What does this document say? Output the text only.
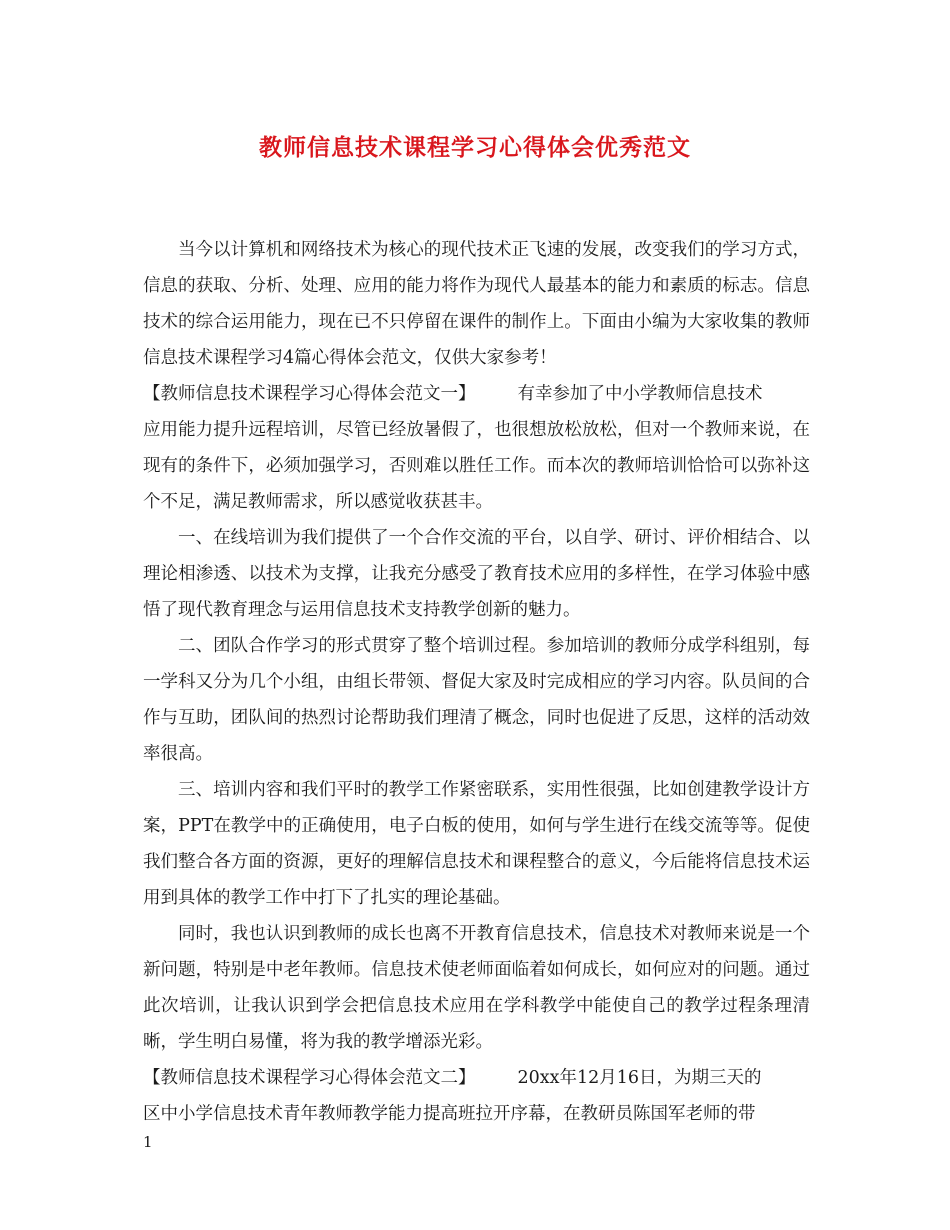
教师信息技术课程学习心得体会优秀范文

当今以计算机和网络技术为核心的现代技术正飞速的发展，改变我们的学习方式，信息的获取、分析、处理、应用的能力将作为现代人最基本的能力和素质的标志。信息技术的综合运用能力，现在已不只停留在课件的制作上。下面由小编为大家收集的教师信息技术课程学习4篇心得体会范文，仅供大家参考！

【教师信息技术课程学习心得体会范文一】 有幸参加了中小学教师信息技术

应用能力提升远程培训，尽管已经放暑假了，也很想放松放松，但对一个教师来说，在现有的条件下，必须加强学习，否则难以胜任工作。而本次的教师培训恰恰可以弥补这个不足，满足教师需求，所以感觉收获甚丰。

一、在线培训为我们提供了一个合作交流的平台，以自学、研讨、评价相结合、以理论相渗透、以技术为支撑，让我充分感受了教育技术应用的多样性，在学习体验中感悟了现代教育理念与运用信息技术支持教学创新的魅力。

二、团队合作学习的形式贯穿了整个培训过程。参加培训的教师分成学科组别，每一学科又分为几个小组，由组长带领、督促大家及时完成相应的学习内容。队员间的合作与互助，团队间的热烈讨论帮助我们理清了概念，同时也促进了反思，这样的活动效率很高。

三、培训内容和我们平时的教学工作紧密联系，实用性很强，比如创建教学设计方案，PPT在教学中的正确使用，电子白板的使用，如何与学生进行在线交流等等。促使我们整合各方面的资源，更好的理解信息技术和课程整合的意义，今后能将信息技术运用到具体的教学工作中打下了扎实的理论基础。

同时，我也认识到教师的成长也离不开教育信息技术，信息技术对教师来说是一个新问题，特别是中老年教师。信息技术使老师面临着如何成长，如何应对的问题。通过此次培训，让我认识到学会把信息技术应用在学科教学中能使自己的教学过程条理清晰，学生明白易懂，将为我的教学增添光彩。

【教师信息技术课程学习心得体会范文二】 20xx年12月16日，为期三天的

区中小学信息技术青年教师教学能力提高班拉开序幕，在教研员陈国军老师的带

1
